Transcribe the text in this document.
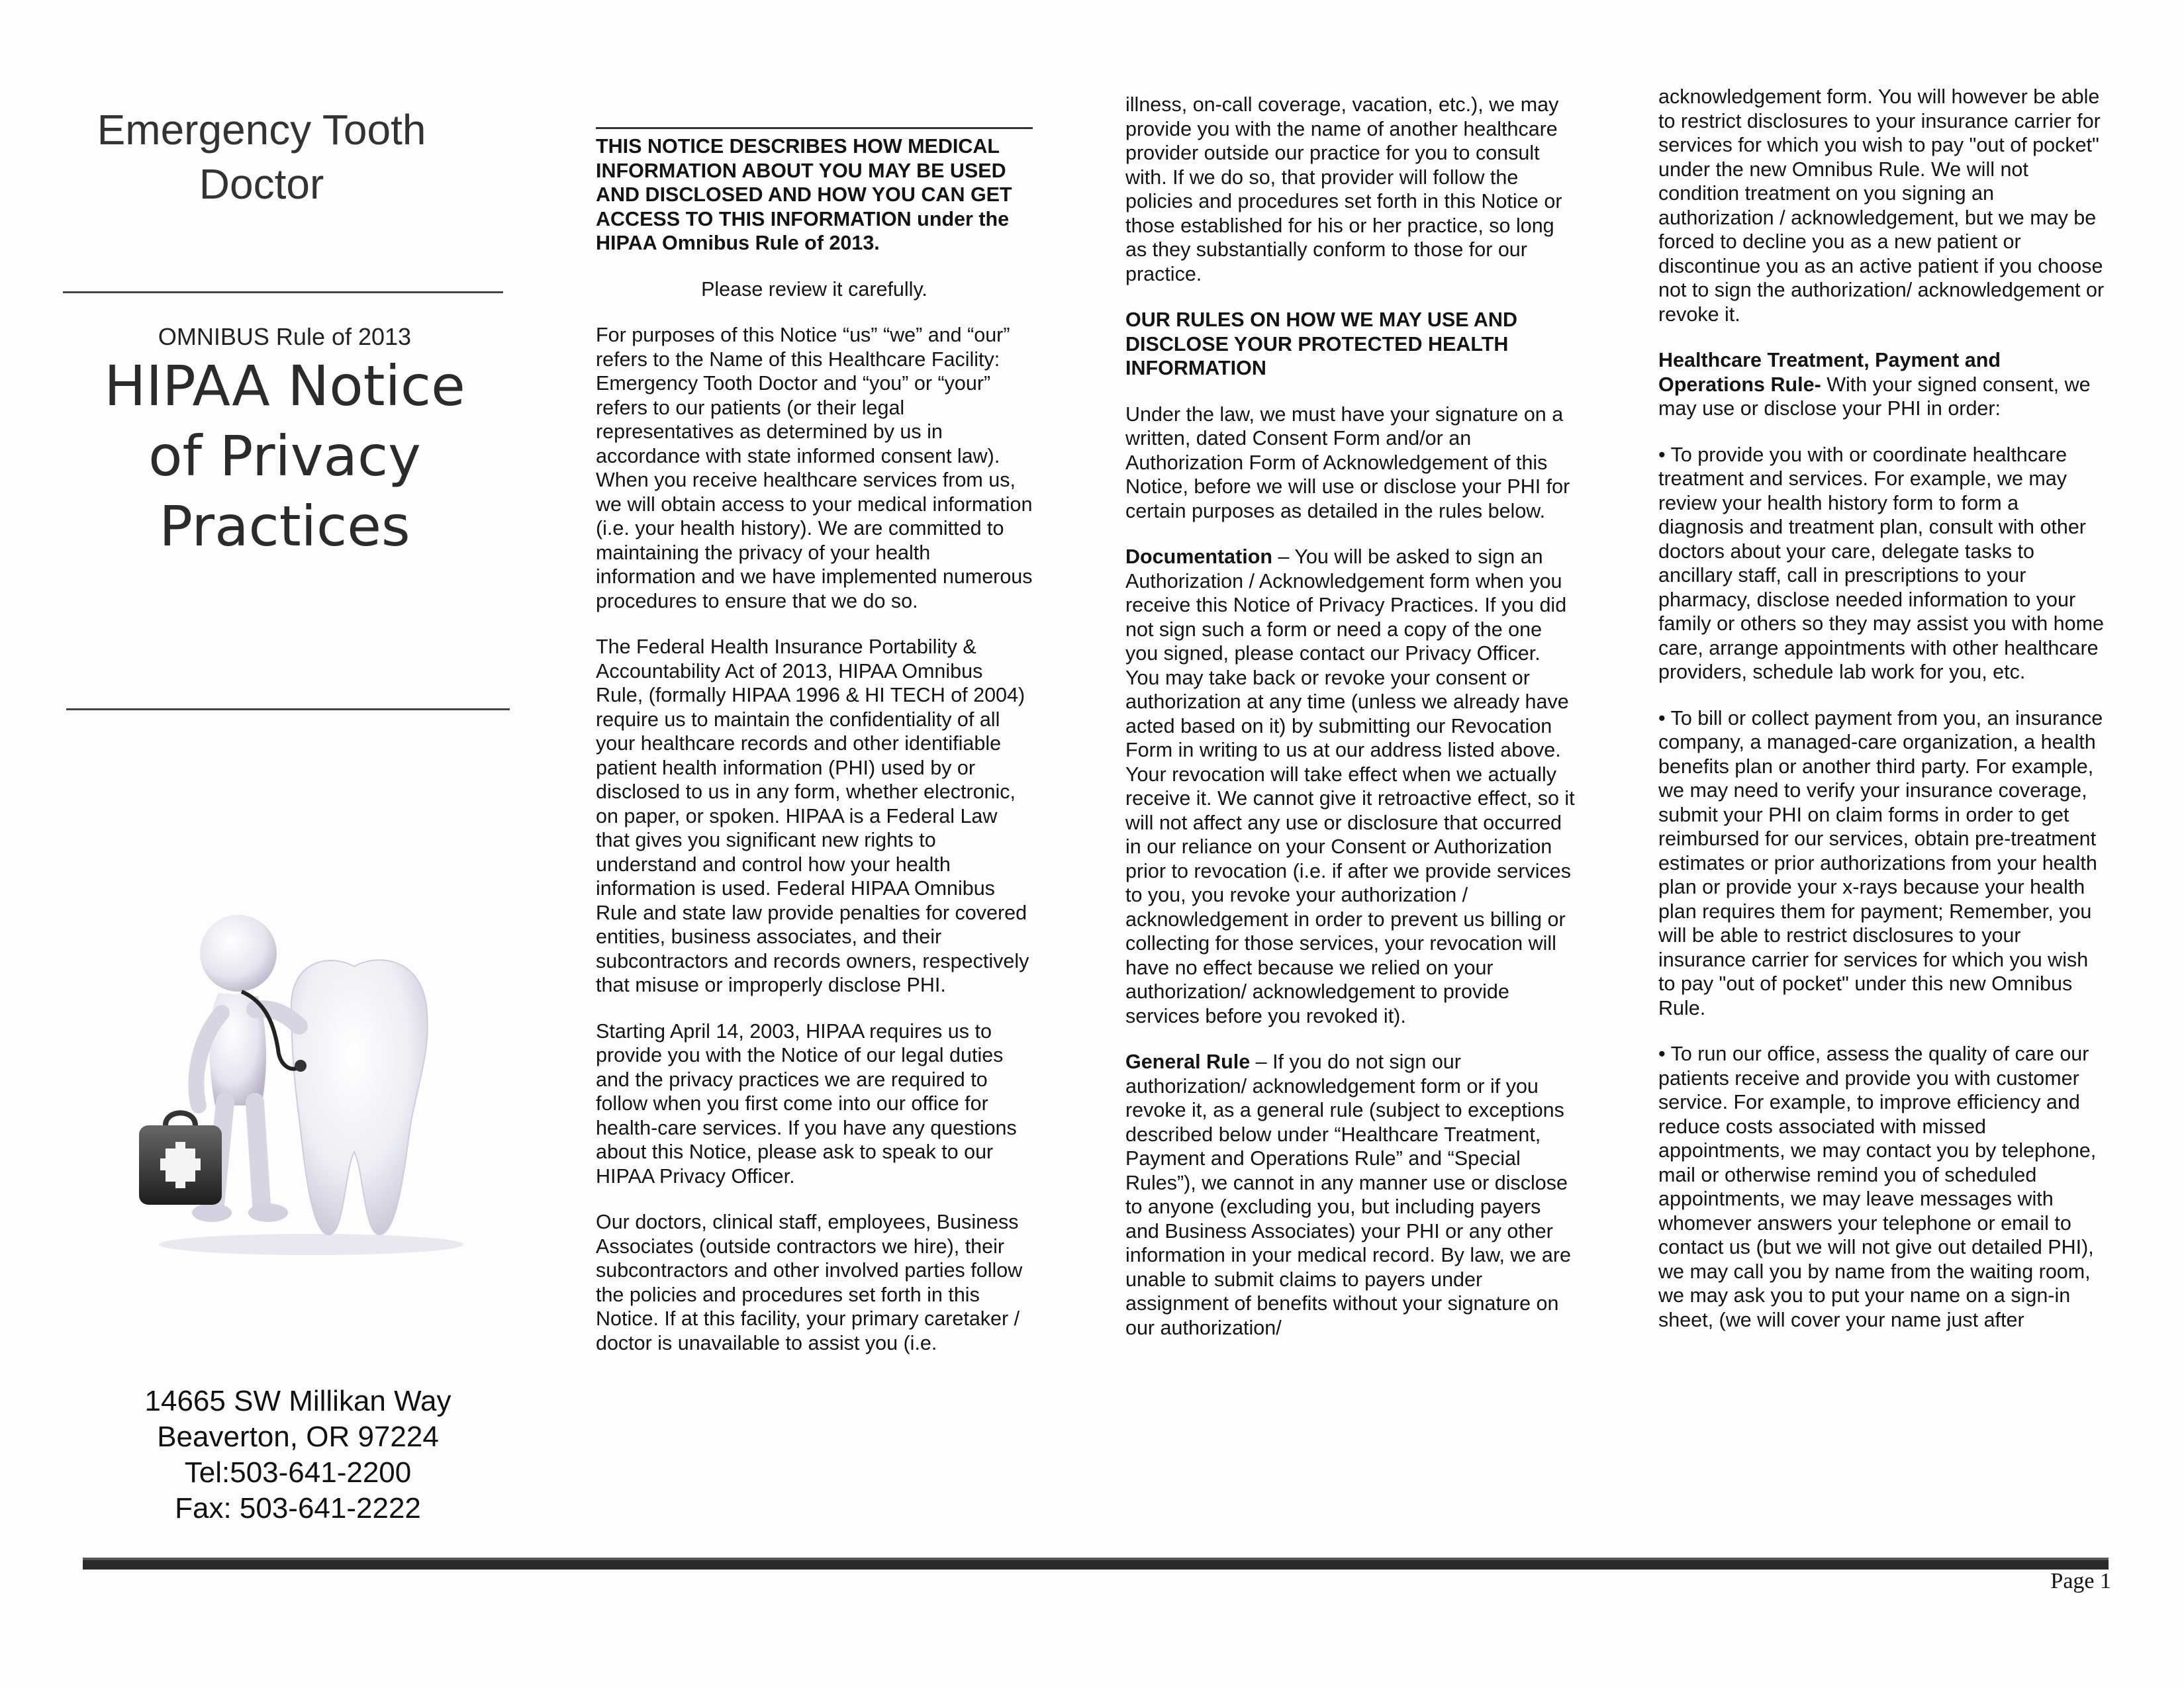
Emergency Tooth
Doctor
OMNIBUS Rule of 2013
HIPAA Notice
of Privacy
Practices
14665 SW Millikan Way
Beaverton, OR 97224
Tel:503-641-2200
Fax: 503-641-2222

THIS NOTICE DESCRIBES HOW MEDICAL INFORMATION ABOUT YOU MAY BE USED AND DISCLOSED AND HOW YOU CAN GET ACCESS TO THIS INFORMATION under the HIPAA Omnibus Rule of 2013.

Please review it carefully.

For purposes of this Notice “us” “we” and “our” refers to the Name of this Healthcare Facility: Emergency Tooth Doctor and “you” or “your” refers to our patients (or their legal representatives as determined by us in accordance with state informed consent law). When you receive healthcare services from us, we will obtain access to your medical information (i.e. your health history). We are committed to maintaining the privacy of your health information and we have implemented numerous procedures to ensure that we do so.

The Federal Health Insurance Portability & Accountability Act of 2013, HIPAA Omnibus Rule, (formally HIPAA 1996 & HI TECH of 2004) require us to maintain the confidentiality of all your healthcare records and other identifiable patient health information (PHI) used by or disclosed to us in any form, whether electronic, on paper, or spoken. HIPAA is a Federal Law that gives you significant new rights to understand and control how your health information is used. Federal HIPAA Omnibus Rule and state law provide penalties for covered entities, business associates, and their subcontractors and records owners, respectively that misuse or improperly disclose PHI.

Starting April 14, 2003, HIPAA requires us to provide you with the Notice of our legal duties and the privacy practices we are required to follow when you first come into our office for health-care services. If you have any questions about this Notice, please ask to speak to our HIPAA Privacy Officer.

Our doctors, clinical staff, employees, Business Associates (outside contractors we hire), their subcontractors and other involved parties follow the policies and procedures set forth in this Notice. If at this facility, your primary caretaker / doctor is unavailable to assist you (i.e.

illness, on-call coverage, vacation, etc.), we may provide you with the name of another healthcare provider outside our practice for you to consult with. If we do so, that provider will follow the policies and procedures set forth in this Notice or those established for his or her practice, so long as they substantially conform to those for our practice.

OUR RULES ON HOW WE MAY USE AND DISCLOSE YOUR PROTECTED HEALTH INFORMATION

Under the law, we must have your signature on a written, dated Consent Form and/or an Authorization Form of Acknowledgement of this Notice, before we will use or disclose your PHI for certain purposes as detailed in the rules below.

Documentation – You will be asked to sign an Authorization / Acknowledgement form when you receive this Notice of Privacy Practices. If you did not sign such a form or need a copy of the one you signed, please contact our Privacy Officer. You may take back or revoke your consent or authorization at any time (unless we already have acted based on it) by submitting our Revocation Form in writing to us at our address listed above. Your revocation will take effect when we actually receive it. We cannot give it retroactive effect, so it will not affect any use or disclosure that occurred in our reliance on your Consent or Authorization prior to revocation (i.e. if after we provide services to you, you revoke your authorization / acknowledgement in order to prevent us billing or collecting for those services, your revocation will have no effect because we relied on your authorization/ acknowledgement to provide services before you revoked it).

General Rule – If you do not sign our authorization/ acknowledgement form or if you revoke it, as a general rule (subject to exceptions described below under “Healthcare Treatment, Payment and Operations Rule” and “Special Rules”), we cannot in any manner use or disclose to anyone (excluding you, but including payers and Business Associates) your PHI or any other information in your medical record. By law, we are unable to submit claims to payers under assignment of benefits without your signature on our authorization/

acknowledgement form. You will however be able to restrict disclosures to your insurance carrier for services for which you wish to pay "out of pocket" under the new Omnibus Rule. We will not condition treatment on you signing an authorization / acknowledgement, but we may be forced to decline you as a new patient or discontinue you as an active patient if you choose not to sign the authorization/ acknowledgement or revoke it.

Healthcare Treatment, Payment and Operations Rule- With your signed consent, we may use or disclose your PHI in order:

• To provide you with or coordinate healthcare treatment and services. For example, we may review your health history form to form a diagnosis and treatment plan, consult with other doctors about your care, delegate tasks to ancillary staff, call in prescriptions to your pharmacy, disclose needed information to your family or others so they may assist you with home care, arrange appointments with other healthcare providers, schedule lab work for you, etc.

• To bill or collect payment from you, an insurance company, a managed-care organization, a health benefits plan or another third party. For example, we may need to verify your insurance coverage, submit your PHI on claim forms in order to get reimbursed for our services, obtain pre-treatment estimates or prior authorizations from your health plan or provide your x-rays because your health plan requires them for payment; Remember, you will be able to restrict disclosures to your insurance carrier for services for which you wish to pay "out of pocket" under this new Omnibus Rule.

• To run our office, assess the quality of care our patients receive and provide you with customer service. For example, to improve efficiency and reduce costs associated with missed appointments, we may contact you by telephone, mail or otherwise remind you of scheduled appointments, we may leave messages with whomever answers your telephone or email to contact us (but we will not give out detailed PHI), we may call you by name from the waiting room, we may ask you to put your name on a sign-in sheet, (we will cover your name just after

Page 1
